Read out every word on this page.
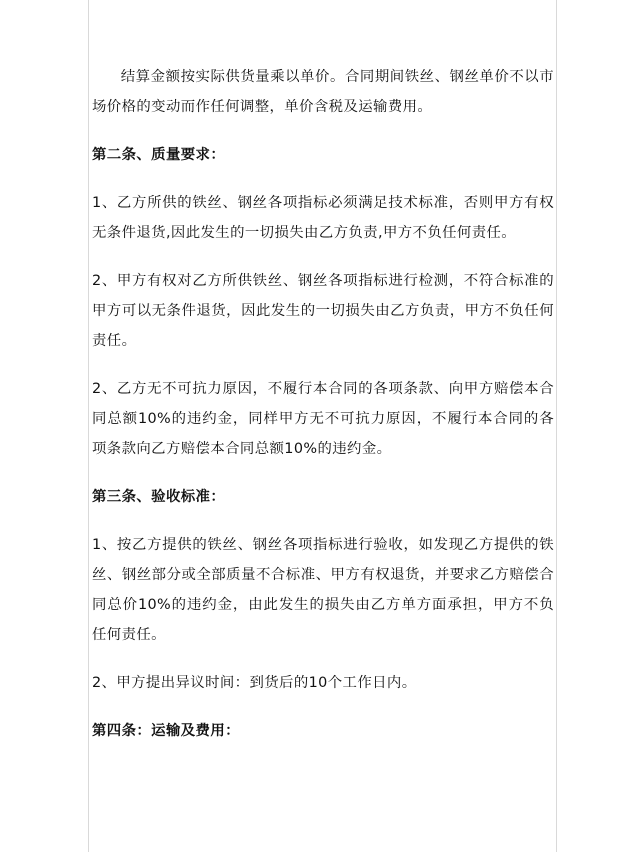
结算金额按实际供货量乘以单价。合同期间铁丝、钢丝单价不以市场价格的变动而作任何调整，单价含税及运输费用。

第二条、质量要求：

1、乙方所供的铁丝、钢丝各项指标必须满足技术标准，否则甲方有权无条件退货,因此发生的一切损失由乙方负责,甲方不负任何责任。

2、甲方有权对乙方所供铁丝、钢丝各项指标进行检测，不符合标准的甲方可以无条件退货，因此发生的一切损失由乙方负责，甲方不负任何责任。

2、乙方无不可抗力原因，不履行本合同的各项条款、向甲方赔偿本合同总额10%的违约金，同样甲方无不可抗力原因，不履行本合同的各项条款向乙方赔偿本合同总额10%的违约金。

第三条、验收标准：

1、按乙方提供的铁丝、钢丝各项指标进行验收，如发现乙方提供的铁丝、钢丝部分或全部质量不合标准、甲方有权退货，并要求乙方赔偿合同总价10%的违约金，由此发生的损失由乙方单方面承担，甲方不负任何责任。

2、甲方提出异议时间：到货后的10个工作日内。

第四条：运输及费用：
